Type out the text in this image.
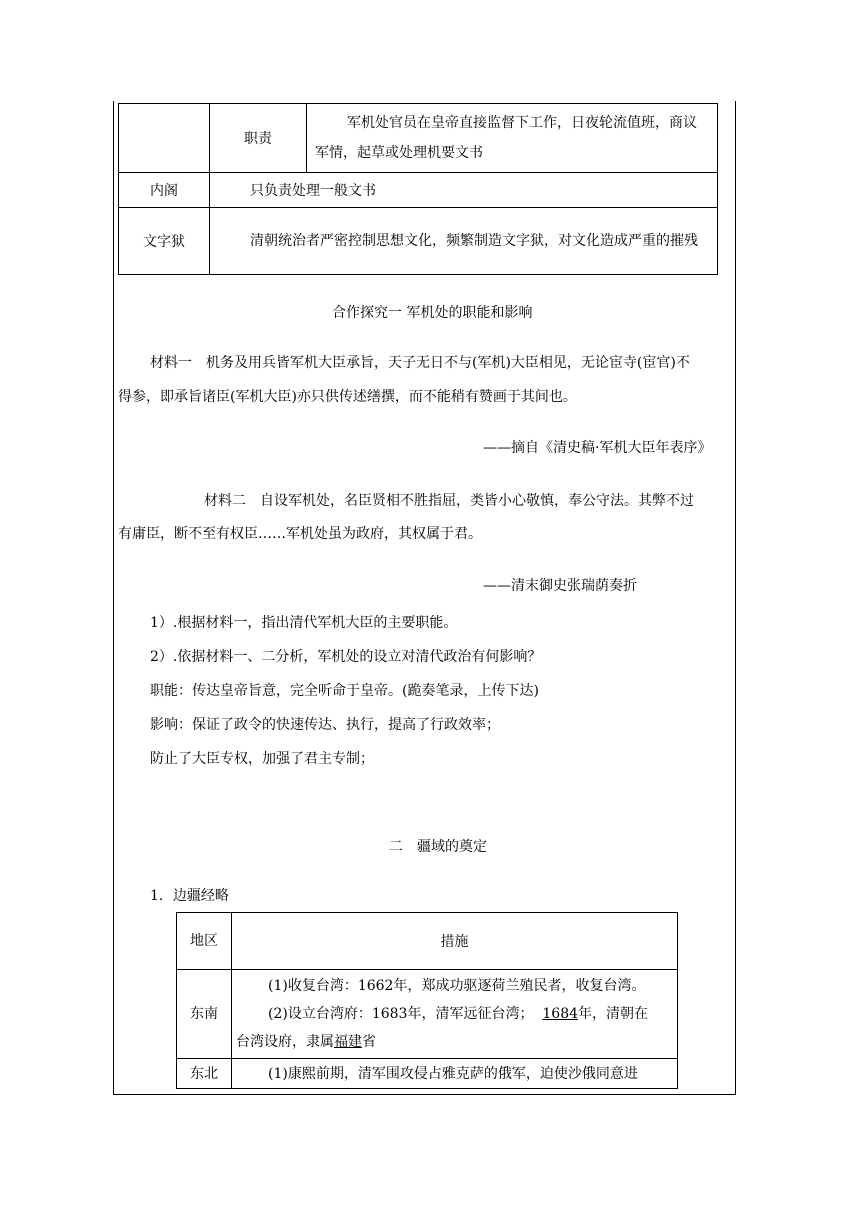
	职责	军机处官员在皇帝直接监督下工作，日夜轮流值班，商议军情，起草或处理机要文书
内阁	只负责处理一般文书	
文字狱	清朝统治者严密控制思想文化，频繁制造文字狱，对文化造成严重的摧残	
合作探究一 军机处的职能和影响
材料一　机务及用兵皆军机大臣承旨，天子无日不与(军机)大臣相见，无论宦寺(宦官)不
得参，即承旨诸臣(军机大臣)亦只供传述缮撰，而不能稍有赞画于其间也。
——摘自《清史稿·军机大臣年表序》
材料二　自设军机处，名臣贤相不胜指屈，类皆小心敬慎，奉公守法。其弊不过
有庸臣，断不至有权臣……军机处虽为政府，其权属于君。
——清末御史张瑞荫奏折
1）.根据材料一，指出清代军机大臣的主要职能。
2）.依据材料一、二分析，军机处的设立对清代政治有何影响？
职能：传达皇帝旨意，完全听命于皇帝。(跪奏笔录，上传下达)
影响：保证了政令的快速传达、执行，提高了行政效率；
防止了大臣专权，加强了君主专制；
二　疆域的奠定
1．边疆经略
地区	措施
东南	(1)收复台湾：1662年，郑成功驱逐荷兰殖民者，收复台湾。
(2)设立台湾府：1683年，清军远征台湾； 1684年，清朝在
台湾设府，隶属福建省

东北	(1)康熙前期，清军围攻侵占雅克萨的俄军，迫使沙俄同意进
